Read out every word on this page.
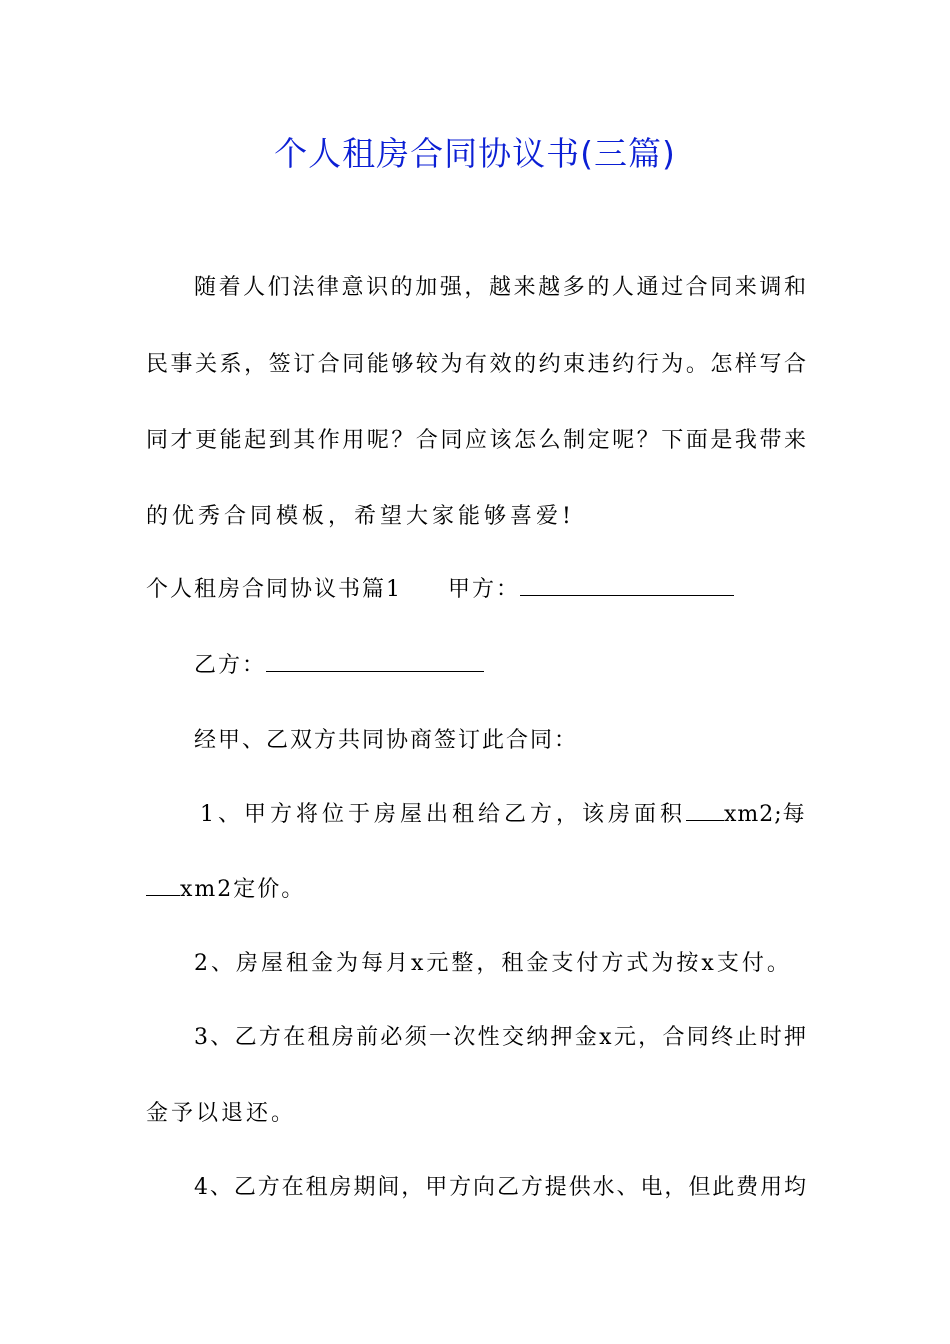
个人租房合同协议书(三篇)
随着人们法律意识的加强，越来越多的人通过合同来调和
民事关系，签订合同能够较为有效的约束违约行为。怎样写合
同才更能起到其作用呢？合同应该怎么制定呢？下面是我带来
的优秀合同模板，希望大家能够喜爱!
个人租房合同协议书篇1 甲方：
乙方：
经甲、乙双方共同协商签订此合同：
1、甲方将位于房屋出租给乙方，该房面积 xm2;每
xm2定价。
2、房屋租金为每月x元整，租金支付方式为按x支付。
3、乙方在租房前必须一次性交纳押金x元，合同终止时押
金予以退还。
4、乙方在租房期间，甲方向乙方提供水、电，但此费用均
